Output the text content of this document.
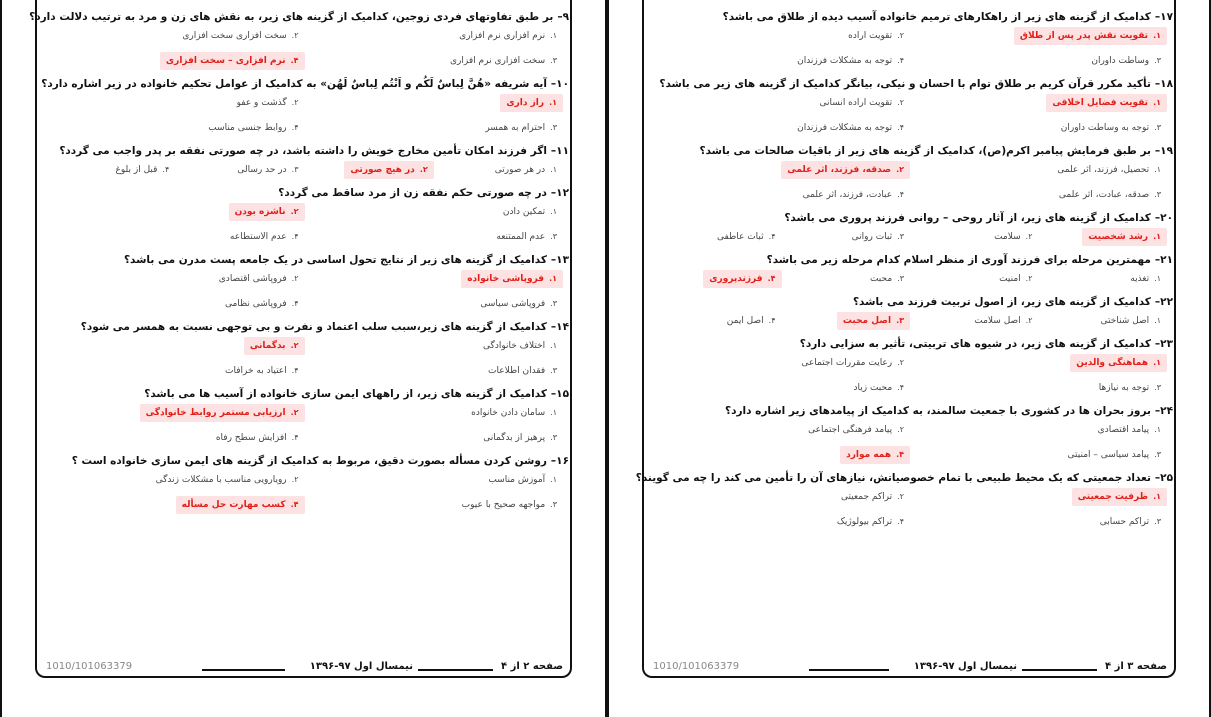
۹–بر طبق تفاوتهای فردی زوجین، کدامیک از گزینه های زیر، به نقش های زن و مرد به ترتیب دلالت دارد؟
۱.نرم افزاری نرم افزاری
۲.سخت افزاری سخت افزاری
۳.سخت افزاری نرم افزاری
۴.نرم افزاری – سخت افزاری
۱۰–آیه شریفه «هُنَّ لِباسٌ لَکُم و اَنْتُم لِباسٌ لَهُن» به کدامیک از عوامل تحکیم خانواده در زیر اشاره دارد؟
۱.راز داری
۲.گذشت و عفو
۳.احترام به همسر
۴.روابط جنسی مناسب
۱۱–اگر فرزند امکان تأمین مخارج خویش را داشته باشد، در چه صورتی نفقه بر پدر واجب می گردد؟
۱.در هر صورتی
۲.در هیچ صورتی
۳.در حد رسالی
۴.قبل از بلوغ
۱۲–در چه صورتی حکم نفقه زن از مرد ساقط می گردد؟
۱.تمکین دادن
۲.ناشزه بودن
۳.عدم الممتنعه
۴.عدم الاستطاعه
۱۳–کدامیک از گزینه های زیر از نتایج تحول اساسی در یک جامعه پست مدرن می باشد؟
۱.فروپاشی خانواده
۲.فروپاشی اقتصادی
۳.فروپاشی سیاسی
۴.فروپاشی نظامی
۱۴–کدامیک از گزینه های زیر،سبب سلب اعتماد و نفرت و بی توجهی نسبت به همسر می شود؟
۱.اختلاف خانوادگی
۲.بدگمانی
۳.فقدان اطلاعات
۴.اعتیاد به خرافات
۱۵–کدامیک از گزینه های زیر، از راههای ایمن سازی خانواده از آسیب ها می باشد؟
۱.سامان دادن خانواده
۲.ارزیابی مستمر روابط خانوادگی
۳.پرهیز از بدگمانی
۴.افزایش سطح رفاه
۱۶–روشن کردن مسأله بصورت دقیق، مربوط به کدامیک از گزینه های ایمن سازی خانواده است ؟
۱.آموزش مناسب
۲.رویارویی مناسب با مشکلات زندگی
۳.مواجهه صحیح با عیوب
۴.کسب مهارت حل مسأله
صفحه ۲ از ۴
نیمسال اول ۹۷-۱۳۹۶
1010/101063379
۱۷–کدامیک از گزینه های زیر از راهکارهای ترمیم خانواده آسیب دیده از طلاق می باشد؟
۱.تقویت نقش پدر پس از طلاق
۲.تقویت اراده
۳.وساطت داوران
۴.توجه به مشکلات فرزندان
۱۸–تأکید مکرر قرآن کریم بر طلاق توام با احسان و نیکی، بیانگر کدامیک از گزینه های زیر می باشد؟
۱.تقویت فضایل اخلاقی
۲.تقویت اراده انسانی
۳.توجه به وساطت داوران
۴.توجه به مشکلات فرزندان
۱۹–بر طبق فرمایش پیامبر اکرم(ص)، کدامیک از گزینه های زیر از باقیات صالحات می باشد؟
۱.تحصیل، فرزند، اثر علمی
۲.صدقه، فرزند، اثر علمی
۳.صدقه، عبادت، اثر علمی
۴.عبادت، فرزند، اثر علمی
۲۰–کدامیک از گزینه های زیر، از آثار روحی – روانی فرزند پروری می باشد؟
۱.رشد شخصیت
۲.سلامت
۳.ثبات روانی
۴.ثبات عاطفی
۲۱–مهمترین مرحله برای فرزند آوری از منظر اسلام کدام مرحله زیر می باشد؟
۱.تغذیه
۲.امنیت
۳.محبت
۴.فرزندپروری
۲۲–کدامیک از گزینه های زیر، از اصول تربیت فرزند می باشد؟
۱.اصل شناختی
۲.اصل سلامت
۳.اصل محبت
۴.اصل ایمن
۲۳–کدامیک از گزینه های زیر، در شیوه های تربیتی، تأثیر به سزایی دارد؟
۱.هماهنگی والدین
۲.رعایت مقررات اجتماعی
۳.توجه به نیازها
۴.محبت زیاد
۲۴–بروز بحران ها در کشوری با جمعیت سالمند، به کدامیک از پیامدهای زیر اشاره دارد؟
۱.پیامد اقتصادی
۲.پیامد فرهنگی اجتماعی
۳.پیامد سیاسی – امنیتی
۴.همه موارد
۲۵–تعداد جمعیتی که یک محیط طبیعی با تمام خصوصیاتش، نیازهای آن را تأمین می کند را چه می گویند؟
۱.ظرفیت جمعیتی
۲.تراکم جمعیتی
۳.تراکم حسابی
۴.تراکم بیولوژیک
صفحه ۳ از ۴
نیمسال اول ۹۷-۱۳۹۶
1010/101063379
